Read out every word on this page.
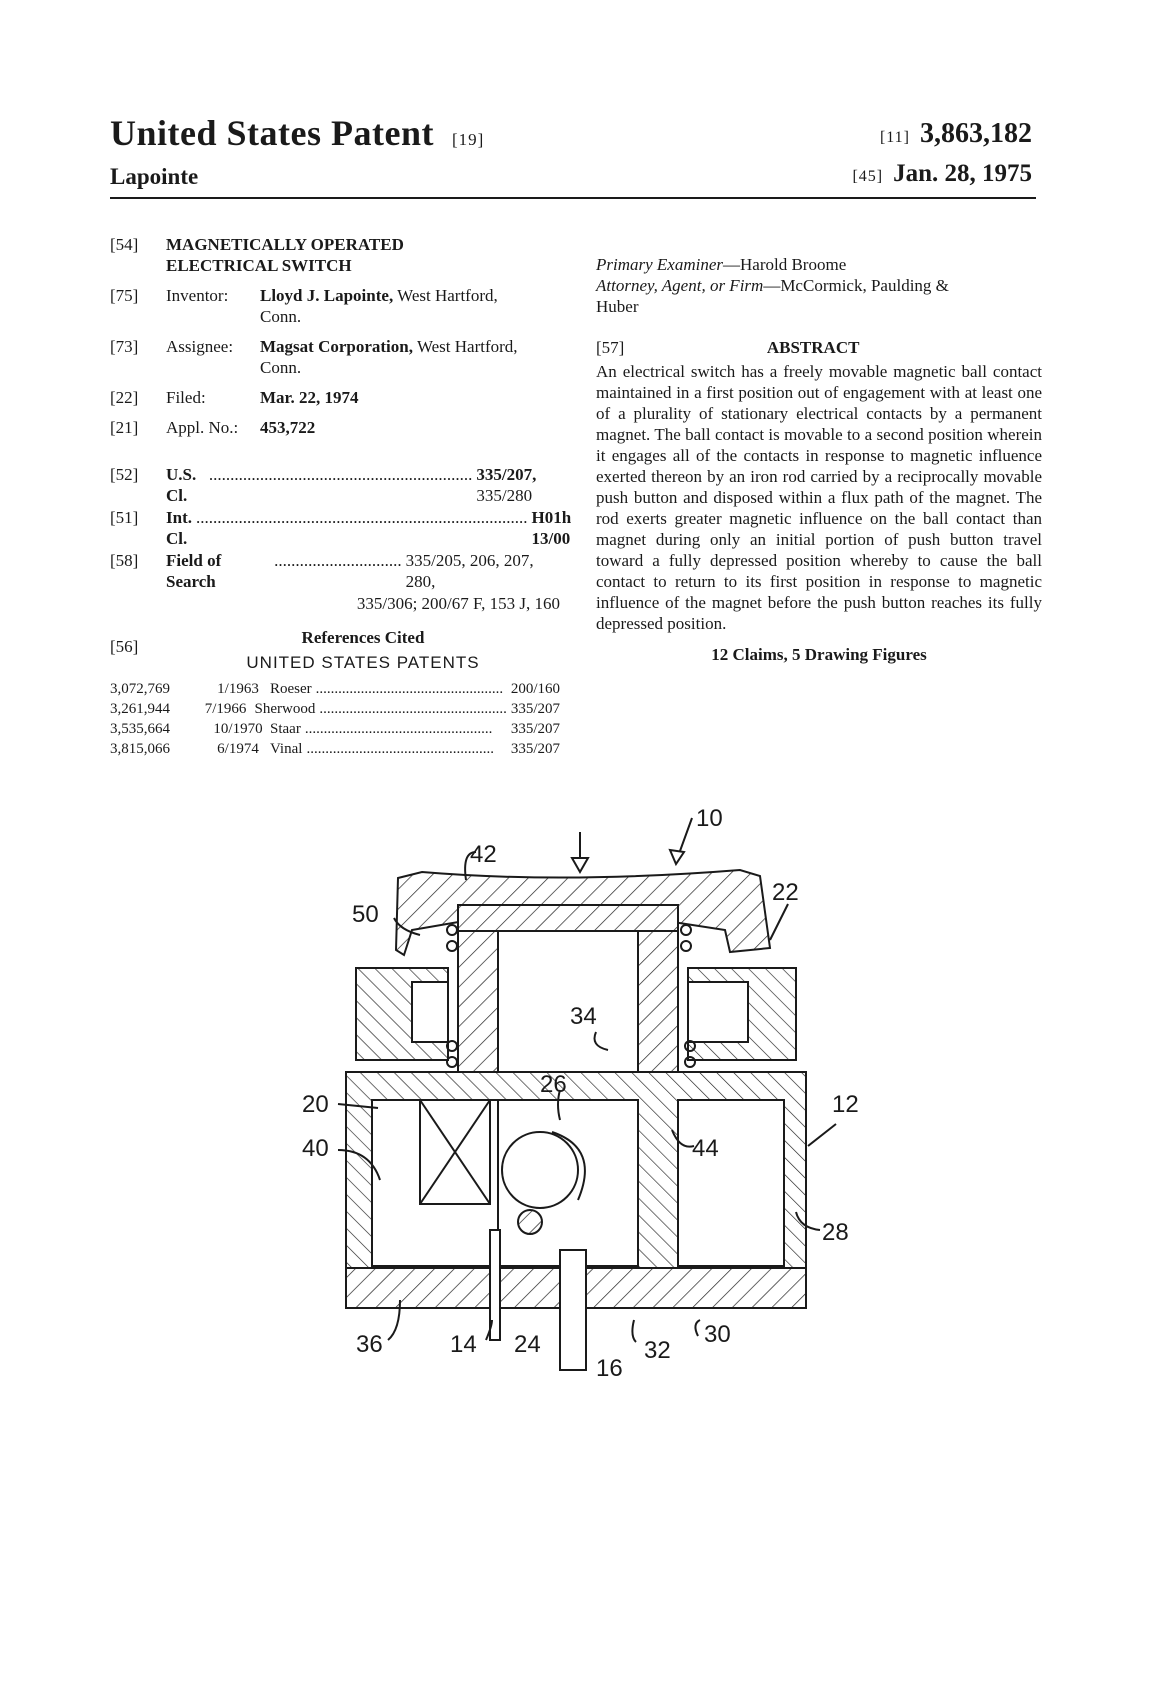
United States Patent [19]
Lapointe
[11] 3,863,182
[45] Jan. 28, 1975
[54]	MAGNETICALLY OPERATED
ELECTRICAL SWITCH
[75]	Inventor:	Lloyd J. Lapointe, West Hartford,
Conn.
[73]	Assignee:	Magsat Corporation, West Hartford,
Conn.
[22]	Filed:	Mar. 22, 1974
[21]	Appl. No.:	453,722
[52]	U.S. Cl.
.............................................................. 335/207, 335/280
[51]	Int. Cl.
.............................................................................. H01h 13/00
[58]	Field of Search
.............................. 335/205, 206, 207, 280,
335/306; 200/67 F, 153 J, 160
[56]	References Cited
UNITED STATES PATENTS
3,072,769	1/1963 Roeser .................................................. 200/160
3,261,944	7/1966 Sherwood .................................................. 335/207
3,535,664	10/1970 Staar ..................................................	335/207
3,815,066	6/1974 Vinal ..................................................	335/207
Primary Examiner—Harold Broome
Attorney, Agent, or Firm—McCormick, Paulding &
Huber
[57]	ABSTRACT
An electrical switch has a freely movable magnetic ball contact maintained in a first position out of engagement with at least one of a plurality of stationary electrical contacts by a permanent magnet. The ball contact is movable to a second position wherein it engages all of the contacts in response to magnetic influence exerted thereon by an iron rod carried by a reciprocally movable push button and disposed within a flux path of the magnet. The rod exerts greater magnetic influence on the ball contact than magnet during only an initial portion of push button travel toward a fully depressed position whereby to cause the ball contact to return to its first position in response to magnetic influence of the magnet before the push button reaches its fully depressed position.
12 Claims, 5 Drawing Figures
10
42
50
22
34
26
20
40
12
44
28
36	14 24
16
32
30
